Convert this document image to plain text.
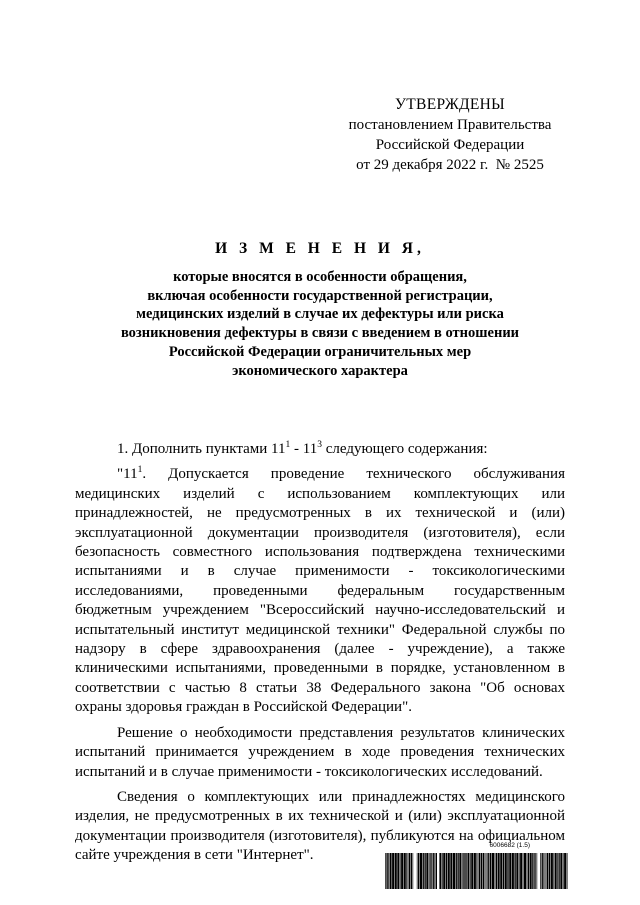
УТВЕРЖДЕНЫ
постановлением Правительства
Российской Федерации
от 29 декабря 2022 г.  № 2525
И З М Е Н Е Н И Я,
которые вносятся в особенности обращения,
включая особенности государственной регистрации,
медицинских изделий в случае их дефектуры или риска
возникновения дефектуры в связи с введением в отношении
Российской Федерации ограничительных мер
экономического характера

1. Дополнить пунктами $11^1 - 11^3$ следующего содержания:

"$11^1$. Допускается проведение технического обслуживания медицинских изделий с использованием комплектующих или принадлежностей, не предусмотренных в их технической и (или) эксплуатационной документации производителя (изготовителя), если безопасность совместного использования подтверждена техническими испытаниями и в случае применимости - токсикологическими исследованиями, проведенными федеральным государственным бюджетным учреждением "Всероссийский научно-исследовательский и испытательный институт медицинской техники" Федеральной службы по надзору в сфере здравоохранения (далее - учреждение), а также клиническими испытаниями, проведенными в порядке, установленном в соответствии с частью 8 статьи 38 Федерального закона "Об основах охраны здоровья граждан в Российской Федерации".

Решение о необходимости представления результатов клинических испытаний принимается учреждением в ходе проведения технических испытаний и в случае применимости - токсикологических исследований.

Сведения о комплектующих или принадлежностях медицинского изделия, не предусмотренных в их технической и (или) эксплуатационной документации производителя (изготовителя), публикуются на официальном сайте учреждения в сети "Интернет".

6006682 (1.5)
